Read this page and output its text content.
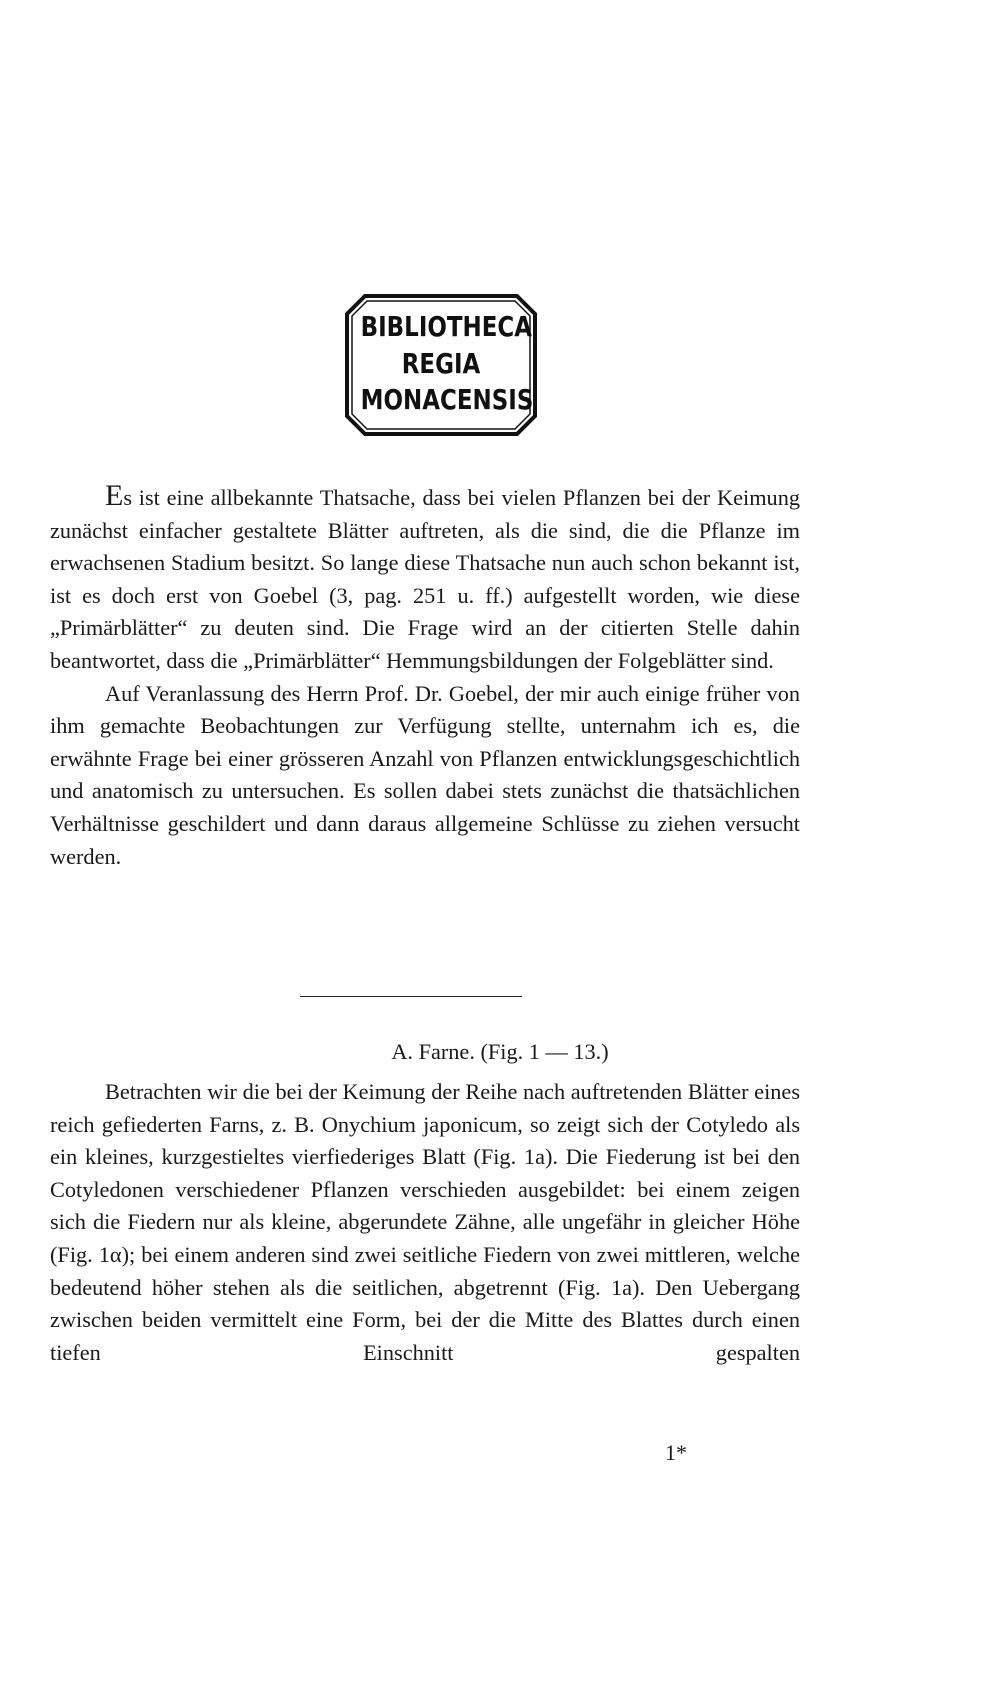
BIBLIOTHECA
REGIA
MONACENSIS

Es ist eine allbekannte Thatsache, dass bei vielen Pflanzen bei der Keimung zunächst einfacher gestaltete Blätter auftreten, als die sind, die die Pflanze im erwachsenen Stadium besitzt. So lange diese Thatsache nun auch schon bekannt ist, ist es doch erst von Goebel (3, pag. 251 u. ff.) aufgestellt worden, wie diese „Primärblätter“ zu deuten sind. Die Frage wird an der citierten Stelle dahin beantwortet, dass die „Primärblätter“ Hemmungsbildungen der Folgeblätter sind.

Auf Veranlassung des Herrn Prof. Dr. Goebel, der mir auch einige früher von ihm gemachte Beobachtungen zur Verfügung stellte, unternahm ich es, die erwähnte Frage bei einer grösseren Anzahl von Pflanzen entwicklungsgeschichtlich und anatomisch zu untersuchen. Es sollen dabei stets zunächst die thatsächlichen Verhältnisse geschildert und dann daraus allgemeine Schlüsse zu ziehen versucht werden.

A. Farne. (Fig. 1 — 13.)

Betrachten wir die bei der Keimung der Reihe nach auftretenden Blätter eines reich gefiederten Farns, z. B. Onychium japonicum, so zeigt sich der Cotyledo als ein kleines, kurzgestieltes vierfiederiges Blatt (Fig. 1a). Die Fiederung ist bei den Cotyledonen verschiedener Pflanzen verschieden ausgebildet: bei einem zeigen sich die Fiedern nur als kleine, abgerundete Zähne, alle ungefähr in gleicher Höhe (Fig. 1α); bei einem anderen sind zwei seitliche Fiedern von zwei mittleren, welche bedeutend höher stehen als die seitlichen, abgetrennt (Fig. 1a). Den Uebergang zwischen beiden vermittelt eine Form, bei der die Mitte des Blattes durch einen tiefen Einschnitt gespalten

1*
